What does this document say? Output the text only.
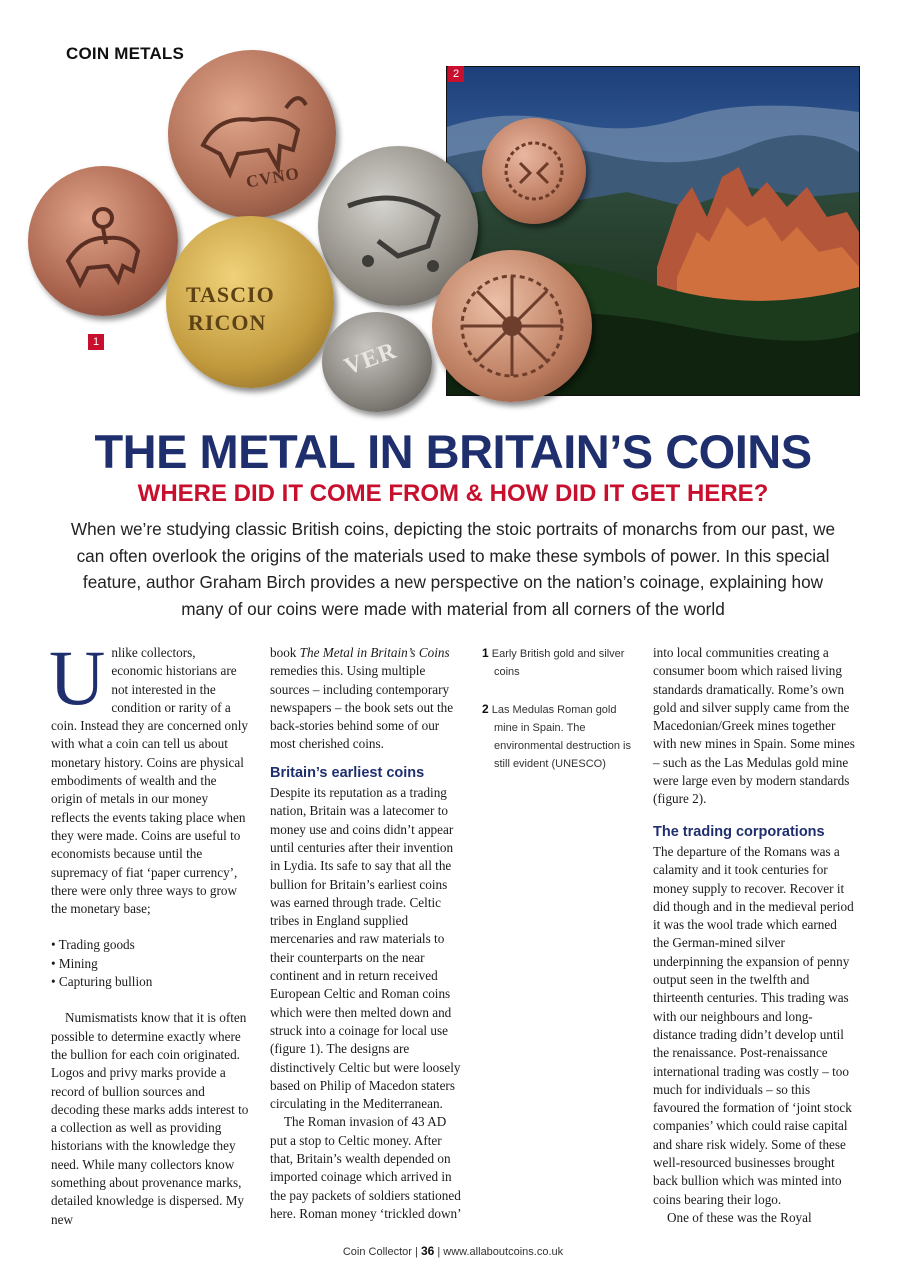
COIN METALS
2
CVNO
TASCIO
RICON
VER
1
THE METAL IN BRITAIN’S COINS
WHERE DID IT COME FROM & HOW DID IT GET HERE?
When we’re studying classic British coins, depicting the stoic portraits of monarchs from our past, we can often overlook the origins of the materials used to make these symbols of power. In this special feature, author Graham Birch provides a new perspective on the nation’s coinage, explaining how many of our coins were made with material from all corners of the world

Unlike collectors, economic historians are not interested in the condition or rarity of a coin. Instead they are concerned only with what a coin can tell us about monetary history. Coins are physical embodiments of wealth and the origin of metals in our money reflects the events taking place when they were made. Coins are useful to economists because until the supremacy of fiat ‘paper currency’, there were only three ways to grow the monetary base;

• Trading goods
• Mining
• Capturing bullion

Numismatists know that it is often possible to determine exactly where the bullion for each coin originated. Logos and privy marks provide a record of bullion sources and decoding these marks adds interest to a collection as well as providing historians with the knowledge they need. While many collectors know something about provenance marks, detailed knowledge is dispersed. My new

book The Metal in Britain’s Coins remedies this. Using multiple sources – including contemporary newspapers – the book sets out the back-stories behind some of our most cherished coins.

Britain’s earliest coins

Despite its reputation as a trading nation, Britain was a latecomer to money use and coins didn’t appear until centuries after their invention in Lydia. Its safe to say that all the bullion for Britain’s earliest coins was earned through trade. Celtic tribes in England supplied mercenaries and raw materials to their counterparts on the near continent and in return received European Celtic and Roman coins which were then melted down and struck into a coinage for local use (figure 1). The designs are distinctively Celtic but were loosely based on Philip of Macedon staters circulating in the Mediterranean.

The Roman invasion of 43 AD put a stop to Celtic money. After that, Britain’s wealth depended on imported coinage which arrived in the pay packets of soldiers stationed here. Roman money ‘trickled down’

1 Early British gold and silver coins
2 Las Medulas Roman gold mine in Spain. The environmental destruction is still evident (UNESCO)

into local communities creating a consumer boom which raised living standards dramatically. Rome’s own gold and silver supply came from the Macedonian/Greek mines together with new mines in Spain. Some mines – such as the Las Medulas gold mine were large even by modern standards (figure 2).

The trading corporations

The departure of the Romans was a calamity and it took centuries for money supply to recover. Recover it did though and in the medieval period it was the wool trade which earned the German-mined silver underpinning the expansion of penny output seen in the twelfth and thirteenth centuries. This trading was with our neighbours and long-distance trading didn’t develop until the renaissance. Post-renaissance international trading was costly – too much for individuals – so this favoured the formation of ‘joint stock companies’ which could raise capital and share risk widely. Some of these well-resourced businesses brought back bullion which was minted into coins bearing their logo.

One of these was the Royal

Coin Collector | 36 | www.allaboutcoins.co.uk
